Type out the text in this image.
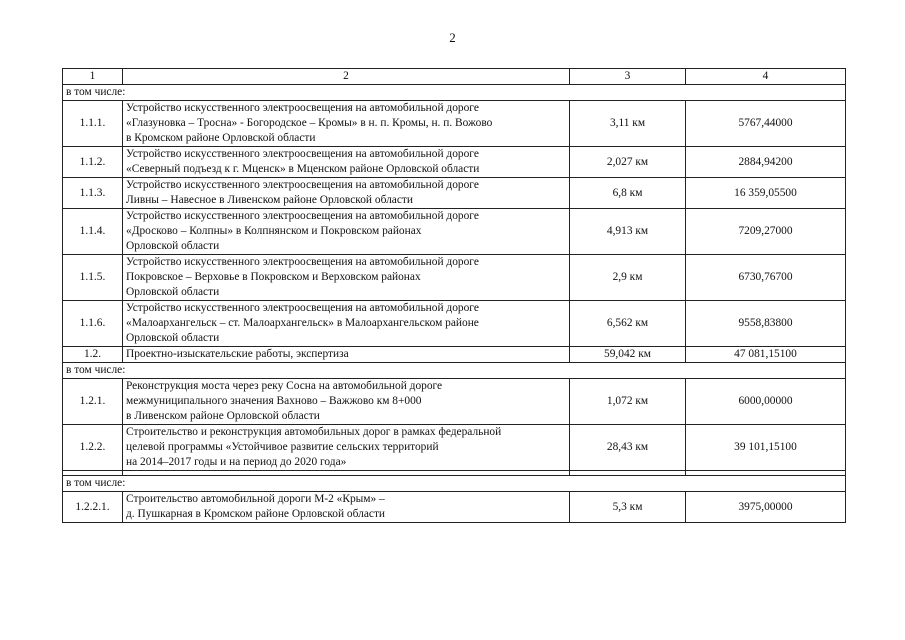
2
1	2	3	4
в том числе:			
1.1.1.	Устройство искусственного электроосвещения на автомобильной дороге
«Глазуновка – Тросна» - Богородское – Кромы» в н. п. Кромы, н. п. Вожово
в Кромском районе Орловской области	3,11 км	5767,44000
1.1.2.	Устройство искусственного электроосвещения на автомобильной дороге
«Северный подъезд к г. Мценск» в Мценском районе Орловской области	2,027 км	2884,94200
1.1.3.	Устройство искусственного электроосвещения на автомобильной дороге
Ливны – Навесное в Ливенском районе Орловской области	6,8 км	16 359,05500
1.1.4.	Устройство искусственного электроосвещения на автомобильной дороге
«Дросково – Колпны» в Колпнянском и Покровском районах
Орловской области	4,913 км	7209,27000
1.1.5.	Устройство искусственного электроосвещения на автомобильной дороге
Покровское – Верховье в Покровском и Верховском районах
Орловской области	2,9 км	6730,76700
1.1.6.	Устройство искусственного электроосвещения на автомобильной дороге
«Малоархангельск – ст. Малоархангельск» в Малоархангельском районе
Орловской области	6,562 км	9558,83800
1.2.	Проектно-изыскательские работы, экспертиза	59,042 км	47 081,15100
в том числе:			
1.2.1.	Реконструкция моста через реку Сосна на автомобильной дороге
межмуниципального значения Вахново – Важжово км 8+000
в Ливенском районе Орловской области	1,072 км	6000,00000
1.2.2.	Строительство и реконструкция автомобильных дорог в рамках федеральной
целевой программы «Устойчивое развитие сельских территорий
на 2014–2017 годы и на период до 2020 года»	28,43 км	39 101,15100

в том числе:			
1.2.2.1.	Строительство автомобильной дороги М-2 «Крым» –
д. Пушкарная в Кромском районе Орловской области	5,3 км	3975,00000
